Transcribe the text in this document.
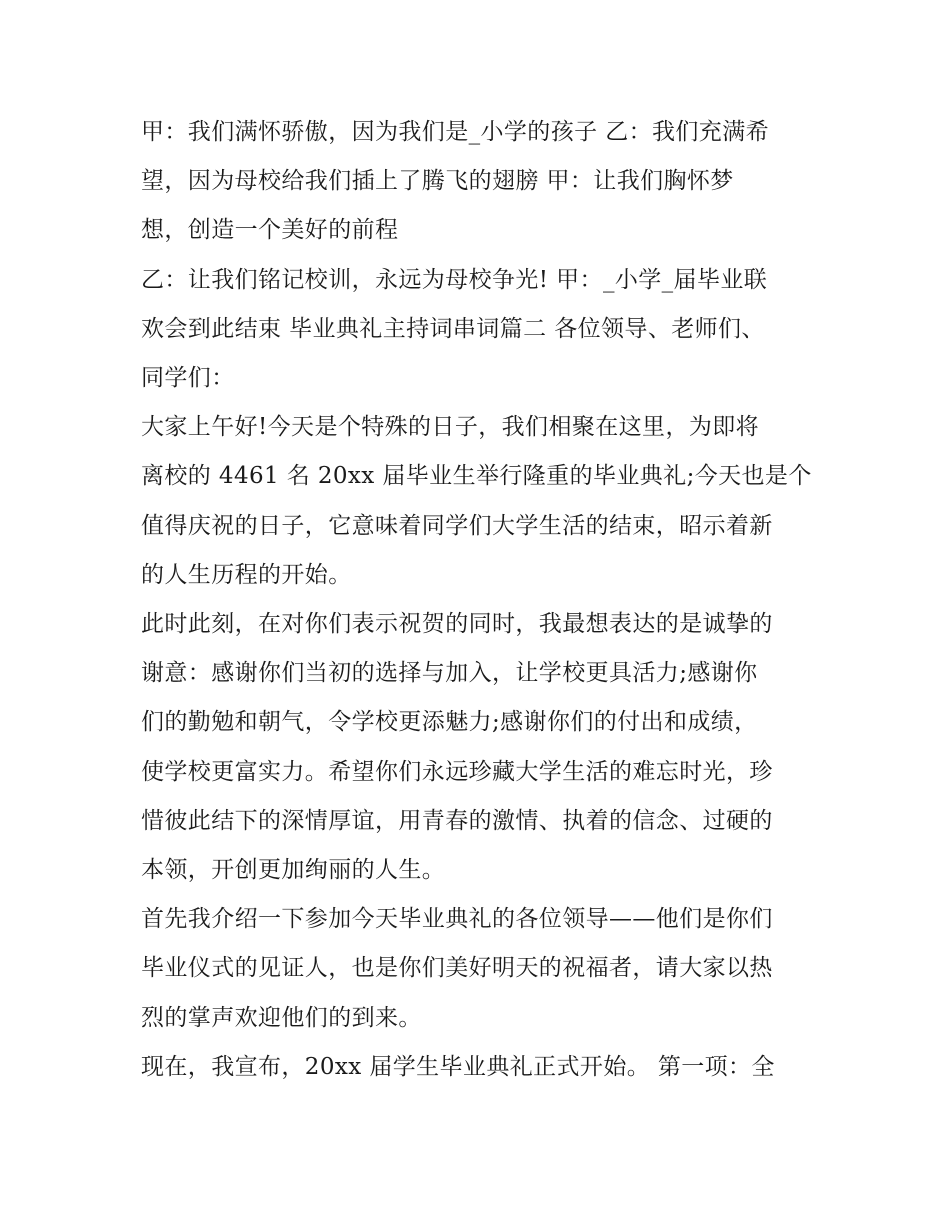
甲：我们满怀骄傲，因为我们是_小学的孩子 乙：我们充满希
望，因为母校给我们插上了腾飞的翅膀 甲：让我们胸怀梦
想，创造一个美好的前程
乙：让我们铭记校训，永远为母校争光! 甲：_小学_届毕业联
欢会到此结束 毕业典礼主持词串词篇二 各位领导、老师们、
同学们：
大家上午好!今天是个特殊的日子，我们相聚在这里，为即将
离校的 4461 名 20xx 届毕业生举行隆重的毕业典礼;今天也是个
值得庆祝的日子，它意味着同学们大学生活的结束，昭示着新
的人生历程的开始。
此时此刻，在对你们表示祝贺的同时，我最想表达的是诚挚的
谢意：感谢你们当初的选择与加入，让学校更具活力;感谢你
们的勤勉和朝气，令学校更添魅力;感谢你们的付出和成绩，
使学校更富实力。希望你们永远珍藏大学生活的难忘时光，珍
惜彼此结下的深情厚谊，用青春的激情、执着的信念、过硬的
本领，开创更加绚丽的人生。
首先我介绍一下参加今天毕业典礼的各位领导——他们是你们
毕业仪式的见证人，也是你们美好明天的祝福者，请大家以热
烈的掌声欢迎他们的到来。
现在，我宣布，20xx 届学生毕业典礼正式开始。 第一项：全
